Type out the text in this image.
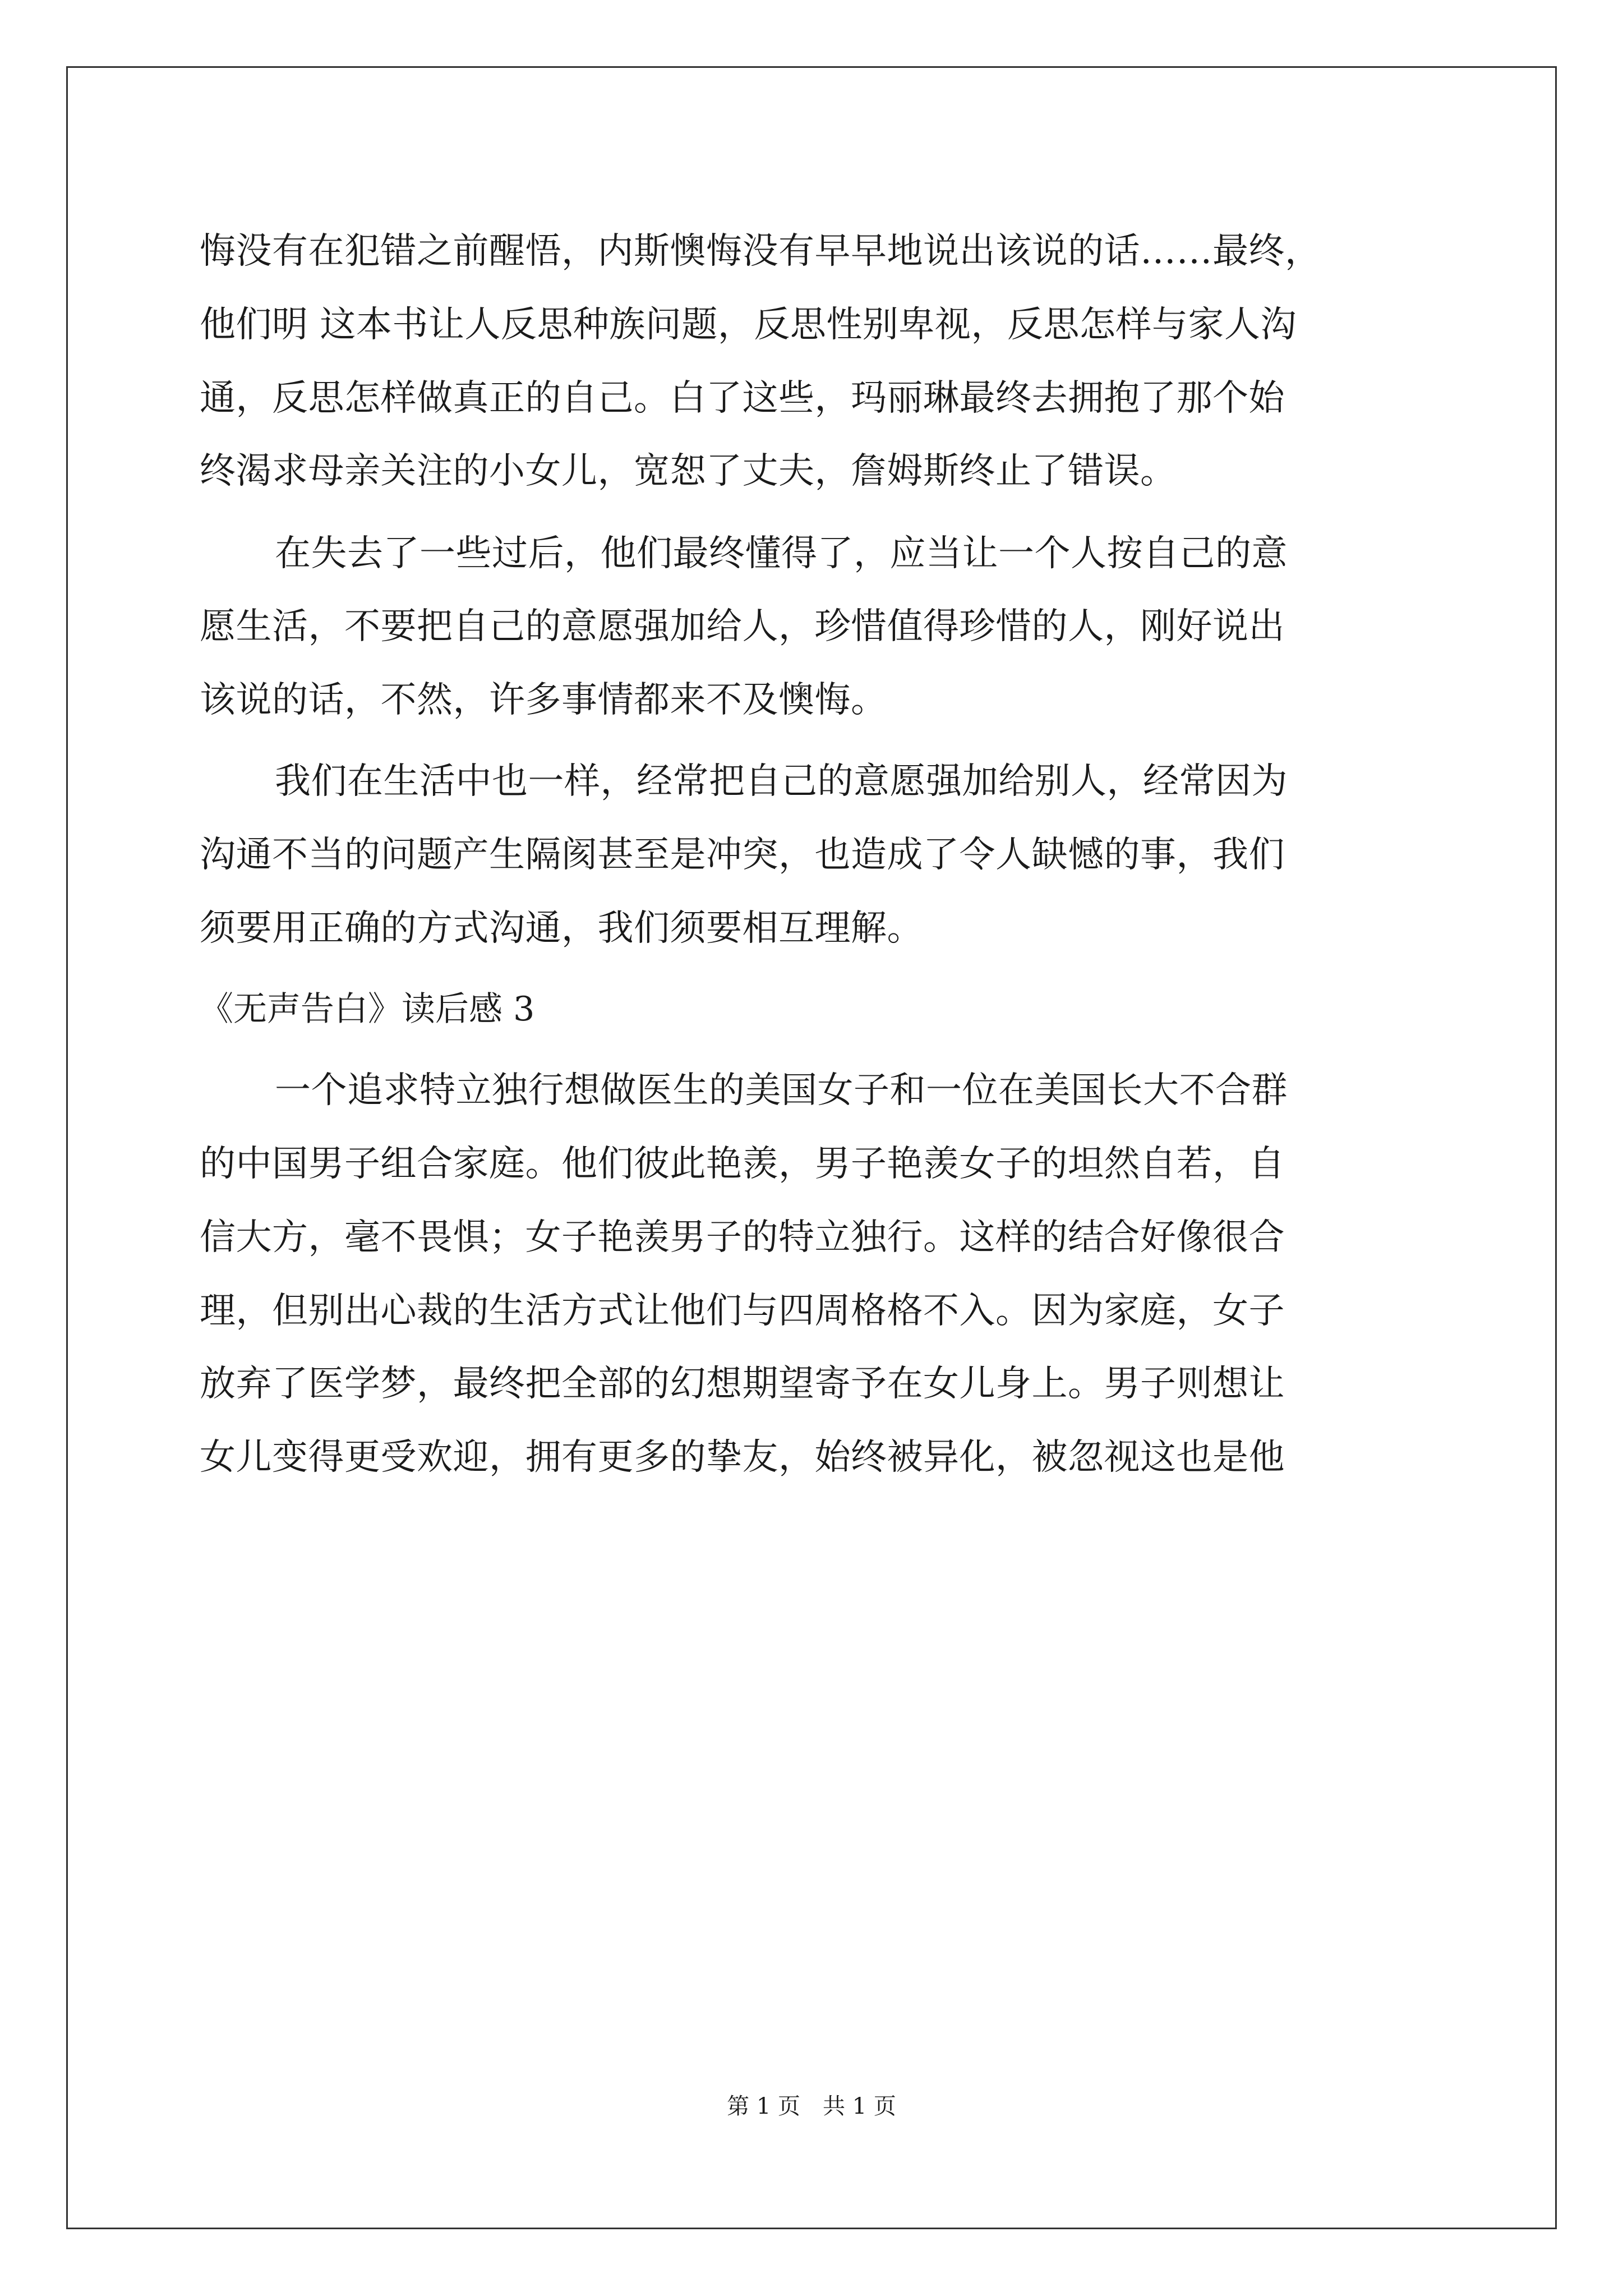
悔没有在犯错之前醒悟，内斯懊悔没有早早地说出该说的话……最终，
他们明 这本书让人反思种族问题，反思性别卑视，反思怎样与家人沟
通，反思怎样做真正的自己。白了这些，玛丽琳最终去拥抱了那个始
终渴求母亲关注的小女儿，宽恕了丈夫，詹姆斯终止了错误。
在失去了一些过后，他们最终懂得了，应当让一个人按自己的意
愿生活，不要把自己的意愿强加给人，珍惜值得珍惜的人，刚好说出
该说的话，不然，许多事情都来不及懊悔。
我们在生活中也一样，经常把自己的意愿强加给别人，经常因为
沟通不当的问题产生隔阂甚至是冲突，也造成了令人缺憾的事，我们
须要用正确的方式沟通，我们须要相互理解。
《无声告白》读后感 3
一个追求特立独行想做医生的美国女子和一位在美国长大不合群
的中国男子组合家庭。他们彼此艳羡，男子艳羡女子的坦然自若，自
信大方，毫不畏惧；女子艳羡男子的特立独行。这样的结合好像很合
理，但别出心裁的生活方式让他们与四周格格不入。因为家庭，女子
放弃了医学梦，最终把全部的幻想期望寄予在女儿身上。男子则想让
女儿变得更受欢迎，拥有更多的挚友，始终被异化，被忽视这也是他
第 1 页　共 1 页
